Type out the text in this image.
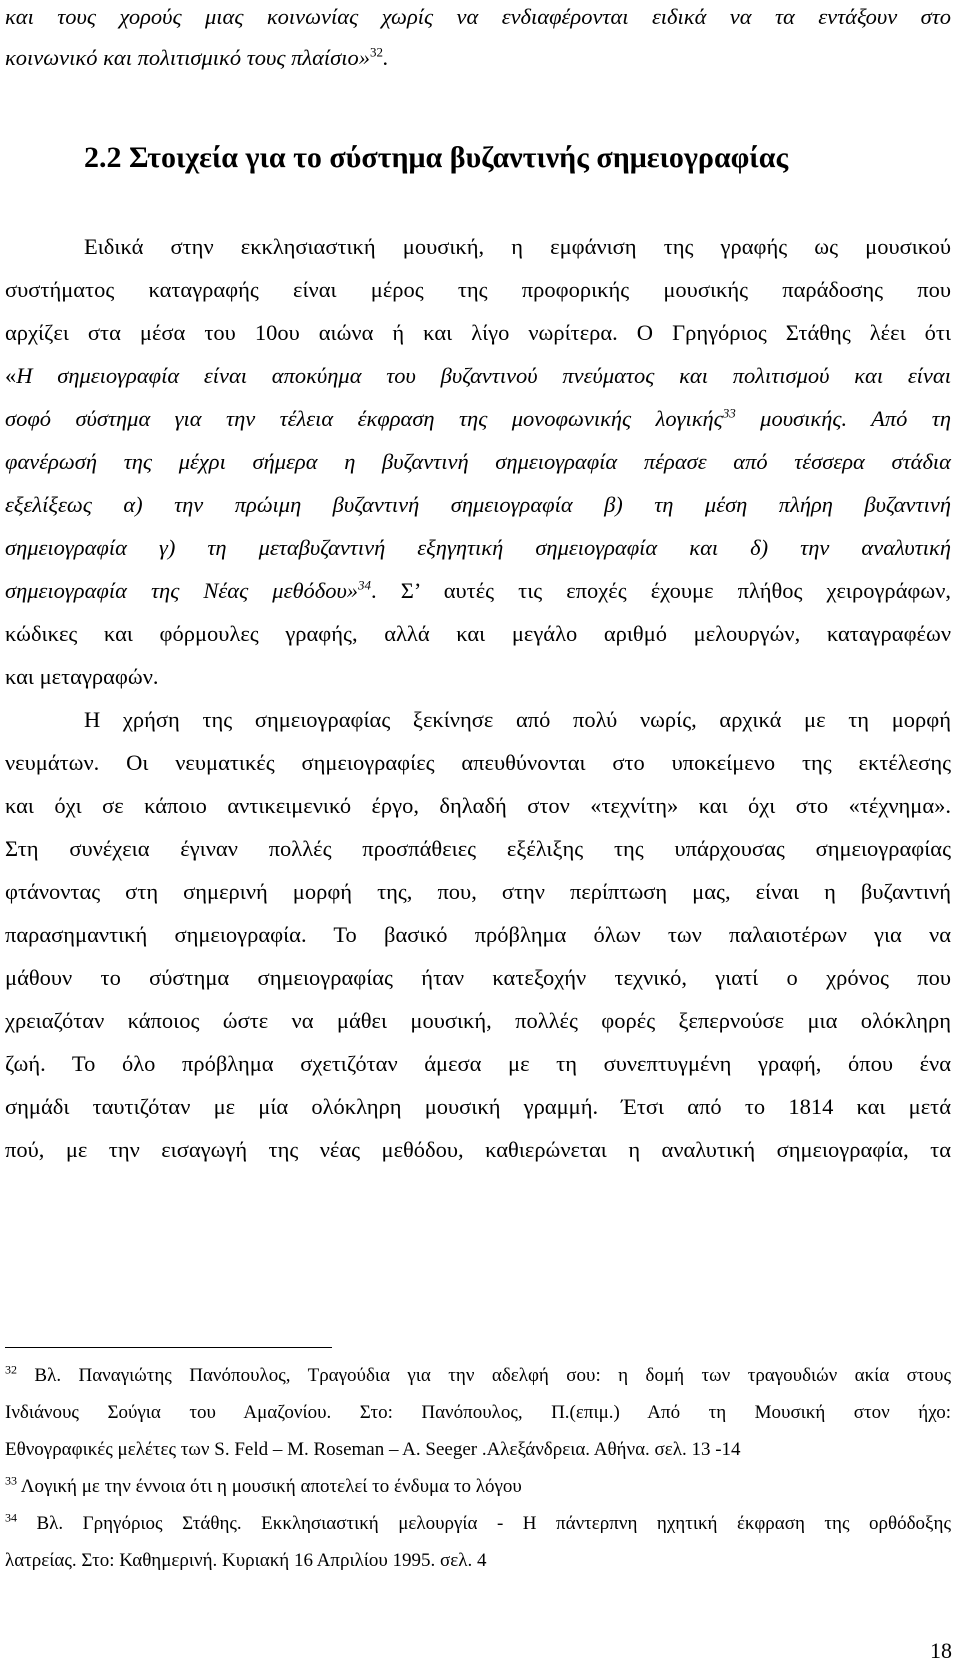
και τους χορούς μιας κοινωνίας χωρίς να ενδιαφέρονται ειδικά να τα εντάξουν στο

κοινωνικό και πολιτισμικό τους πλαίσιο»$^{32}$.

2.2 Στοιχεία για το σύστημα βυζαντινής σημειογραφίας

Ειδικά στην εκκλησιαστική μουσική, η εμφάνιση της γραφής ως μουσικού

συστήματος καταγραφής είναι μέρος της προφορικής μουσικής παράδοσης που

αρχίζει στα μέσα του 10ου αιώνα ή και λίγο νωρίτερα. Ο Γρηγόριος Στάθης λέει ότι

«Η σημειογραφία είναι αποκύημα του βυζαντινού πνεύματος και πολιτισμού και είναι

σοφό σύστημα για την τέλεια έκφραση της μονοφωνικής λογικής$^{33}$ μουσικής. Από τη

φανέρωσή της μέχρι σήμερα η βυζαντινή σημειογραφία πέρασε από τέσσερα στάδια

εξελίξεως α) την πρώιμη βυζαντινή σημειογραφία β) τη μέση πλήρη βυζαντινή

σημειογραφία γ) τη μεταβυζαντινή εξηγητική σημειογραφία και δ) την αναλυτική

σημειογραφία της Νέας μεθόδου»$^{34}$. Σ’ αυτές τις εποχές έχουμε πλήθος χειρογράφων,

κώδικες και φόρμουλες γραφής, αλλά και μεγάλο αριθμό μελουργών, καταγραφέων

και μεταγραφών.

Η χρήση της σημειογραφίας ξεκίνησε από πολύ νωρίς, αρχικά με τη μορφή

νευμάτων. Οι νευματικές σημειογραφίες απευθύνονται στο υποκείμενο της εκτέλεσης

και όχι σε κάποιο αντικειμενικό έργο, δηλαδή στον «τεχνίτη» και όχι στο «τέχνημα».

Στη συνέχεια έγιναν πολλές προσπάθειες εξέλιξης της υπάρχουσας σημειογραφίας

φτάνοντας στη σημερινή μορφή της, που, στην περίπτωση μας, είναι η βυζαντινή

παρασημαντική σημειογραφία. Το βασικό πρόβλημα όλων των παλαιοτέρων για να

μάθουν το σύστημα σημειογραφίας ήταν κατεξοχήν τεχνικό, γιατί ο χρόνος που

χρειαζόταν κάποιος ώστε να μάθει μουσική, πολλές φορές ξεπερνούσε μια ολόκληρη

ζωή. Το όλο πρόβλημα σχετιζόταν άμεσα με τη συνεπτυγμένη γραφή, όπου ένα

σημάδι ταυτιζόταν με μία ολόκληρη μουσική γραμμή. Έτσι από το 1814 και μετά

πού, με την εισαγωγή της νέας μεθόδου, καθιερώνεται η αναλυτική σημειογραφία, τα

$^{32}$ Βλ. Παναγιώτης Πανόπουλος, Τραγούδια για την αδελφή σου: η δομή των τραγουδιών ακία στους

Ινδιάνους Σούγια του Αμαζονίου. Στο: Πανόπουλος, Π.(επιμ.) Από τη Μουσική στον ήχο:

Εθνογραφικές μελέτες των S. Feld – M. Roseman – A. Seeger .Αλεξάνδρεια. Αθήνα. σελ. 13 -14

$^{33}$ Λογική με την έννοια ότι η μουσική αποτελεί το ένδυμα το λόγου

$^{34}$ Βλ. Γρηγόριος Στάθης. Εκκλησιαστική μελουργία - Η πάντερπνη ηχητική έκφραση της ορθόδοξης

λατρείας. Στο: Καθημερινή. Κυριακή 16 Απριλίου 1995. σελ. 4

18
